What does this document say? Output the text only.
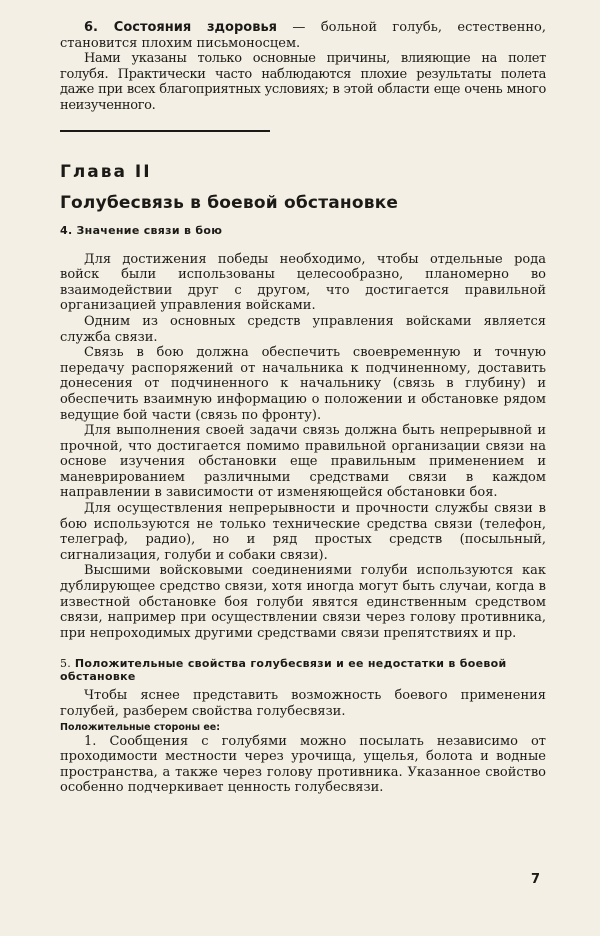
6. Состояния здоровья — больной голубь, естественно, становится плохим письмоносцем.

Нами указаны только основные причины, влияющие на полет голубя. Практически часто наблюдаются плохие результаты полета даже при всех благоприятных условиях; в этой области еще очень много неизученного.

Глава II
Голубесвязь в боевой обстановке
4. Значение связи в бою

Для достижения победы необходимо, чтобы отдельные рода войск были использованы целесообразно, планомерно во взаимодействии друг с другом, что достигается правильной организацией управления войсками.

Одним из основных средств управления войсками является служба связи.

Связь в бою должна обеспечить своевременную и точную передачу распоряжений от начальника к подчиненному, доставить донесения от подчиненного к начальнику (связь в глубину) и обеспечить взаимную информацию о положении и обстановке рядом ведущие бой части (связь по фронту).

Для выполнения своей задачи связь должна быть непрерывной и прочной, что достигается помимо правильной организации связи на основе изучения обстановки еще правильным применением и маневрированием различными средствами связи в каждом направлении в зависимости от изменяющейся обстановки боя.

Для осуществления непрерывности и прочности службы связи в бою используются не только технические средства связи (телефон, телеграф, радио), но и ряд простых средств (посыльный, сигнализация, голуби и собаки связи).

Высшими войсковыми соединениями голуби используются как дублирующее средство связи, хотя иногда могут быть случаи, когда в известной обстановке боя голуби явятся единственным средством связи, например при осуществлении связи через голову противника, при непроходимых другими средствами связи препятствиях и пр.

5. Положительные свойства голубесвязи и ее недостатки в боевой обстановке

Чтобы яснее представить возможность боевого применения голубей, разберем свойства голубесвязи.

Положительные стороны ее:

1. Сообщения с голубями можно посылать независимо от проходимости местности через урочища, ущелья, болота и водные пространства, а также через голову противника. Указанное свойство особенно подчеркивает ценность голубесвязи.

7
